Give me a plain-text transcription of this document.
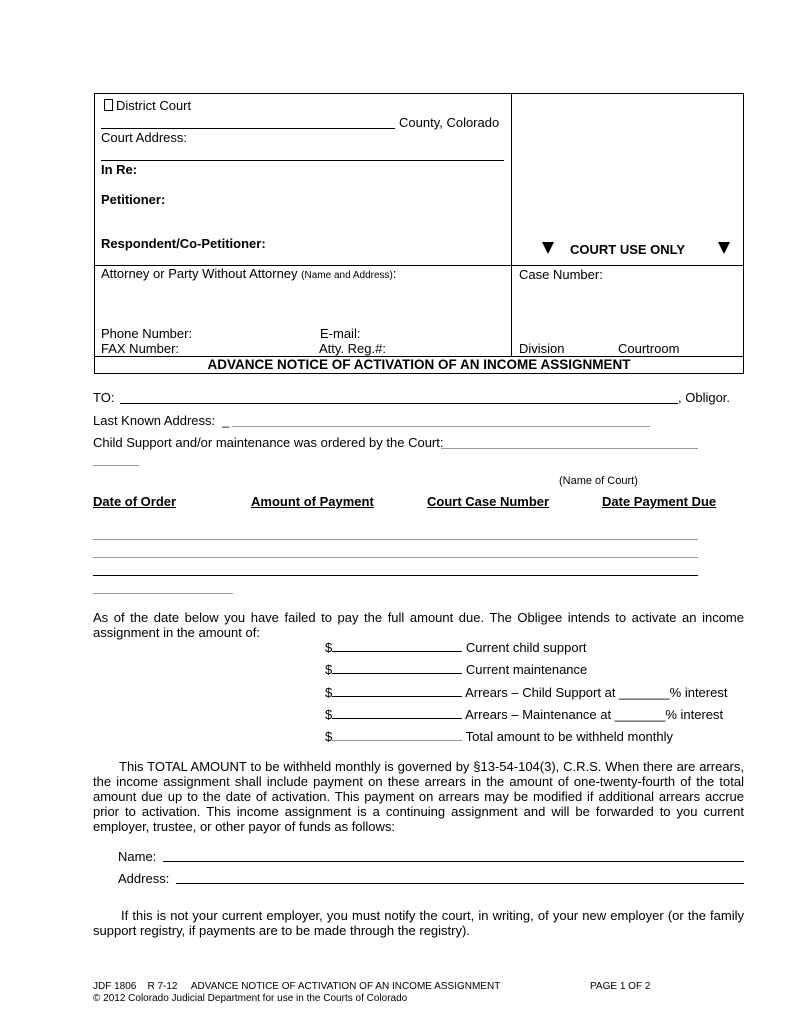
District Court
County, Colorado
Court Address:
In Re:
Petitioner:
Respondent/Co-Petitioner:	COURT USE ONLY
Attorney or Party Without Attorney (Name and Address):	Case Number:
Phone Number:	E-mail:
FAX Number:	Atty. Reg.#:	Division	Courtroom
ADVANCE NOTICE OF ACTIVATION OF AN INCOME ASSIGNMENT
TO:	, Obligor.
Last Known Address: _
Child Support and/or maintenance was ordered by the Court:
(Name of Court)
Date of Order	Amount of Payment	Court Case Number	Date Payment Due
As of the date below you have failed to pay the full amount due. The Obligee intends to activate an income assignment in the amount of:
$	Current child support
$	Current maintenance
$	Arrears – Child Support at _______% interest
$	Arrears – Maintenance at _______% interest
$	Total amount to be withheld monthly
This TOTAL AMOUNT to be withheld monthly is governed by §13-54-104(3), C.R.S. When there are arrears, the income assignment shall include payment on these arrears in the amount of one-twenty-fourth of the total amount due up to the date of activation. This payment on arrears may be modified if additional arrears accrue prior to activation. This income assignment is a continuing assignment and will be forwarded to you current employer, trustee, or other payor of funds as follows:
Name:
Address:
If this is not your current employer, you must notify the court, in writing, of your new employer (or the family support registry, if payments are to be made through the registry).
JDF 1806    R 7-12     ADVANCE NOTICE OF ACTIVATION OF AN INCOME ASSIGNMENT	PAGE 1 OF 2
© 2012 Colorado Judicial Department for use in the Courts of Colorado
